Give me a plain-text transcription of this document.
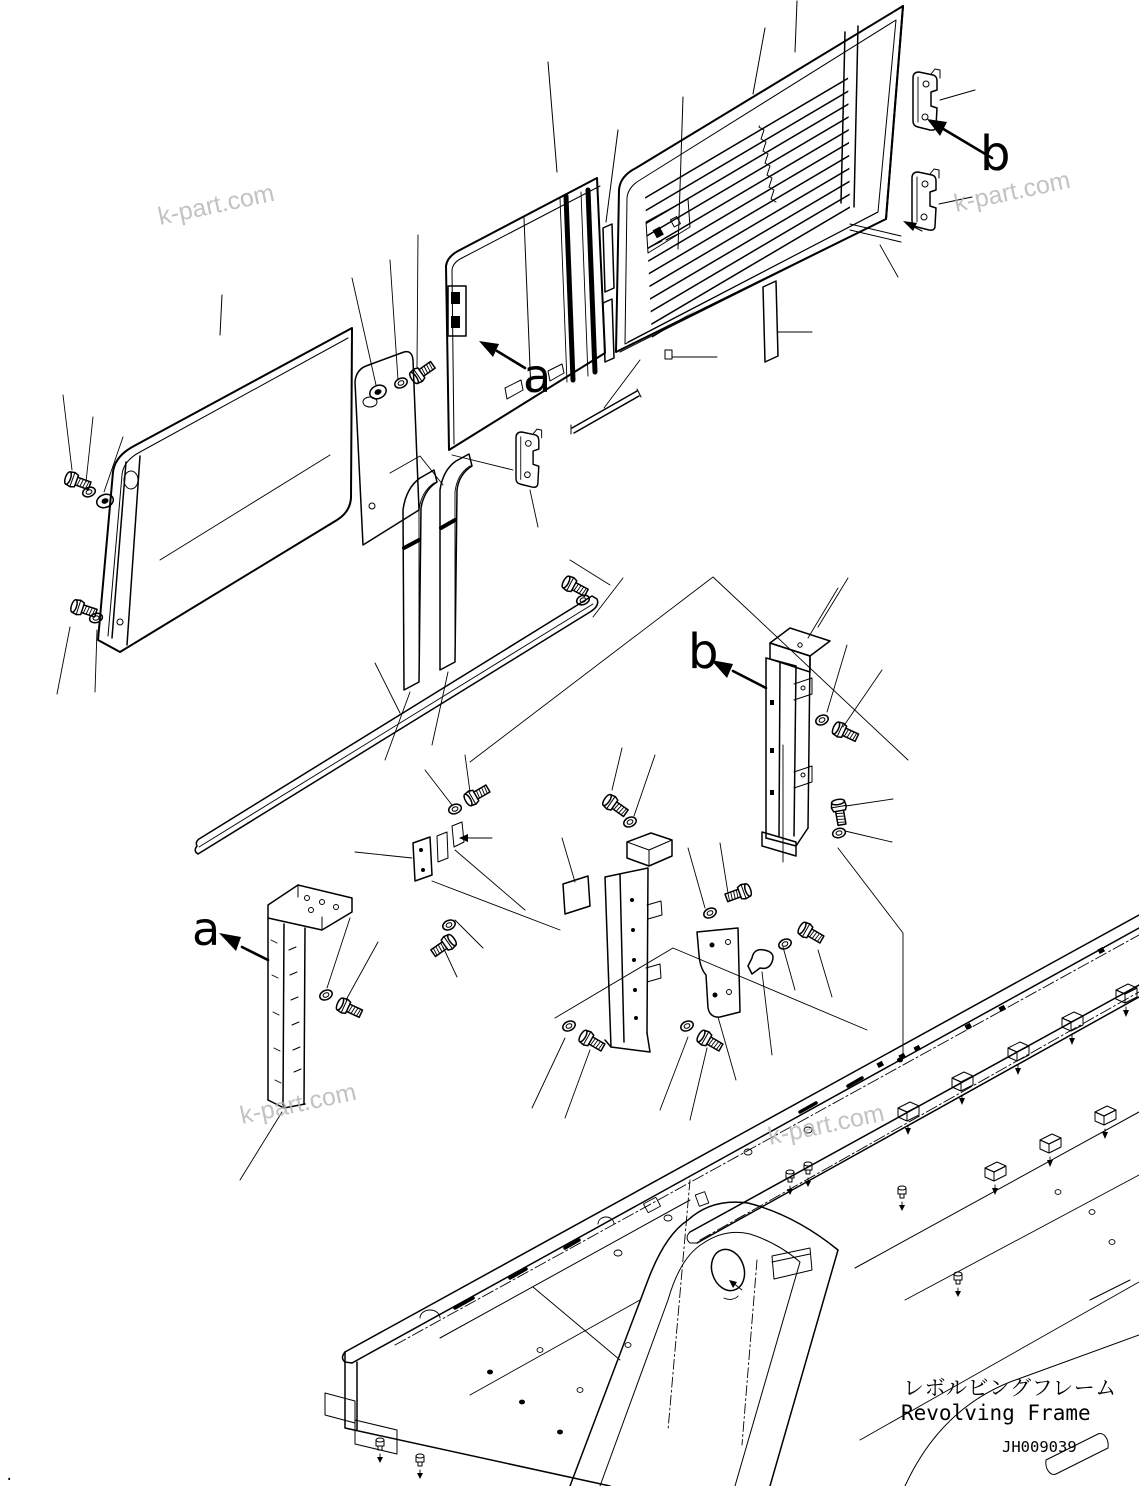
b
a
b
a
k-part.com	k-part.com
k-part.com	k-part.com
レボルビングフレーム
Revolving Frame
JH009039
.
